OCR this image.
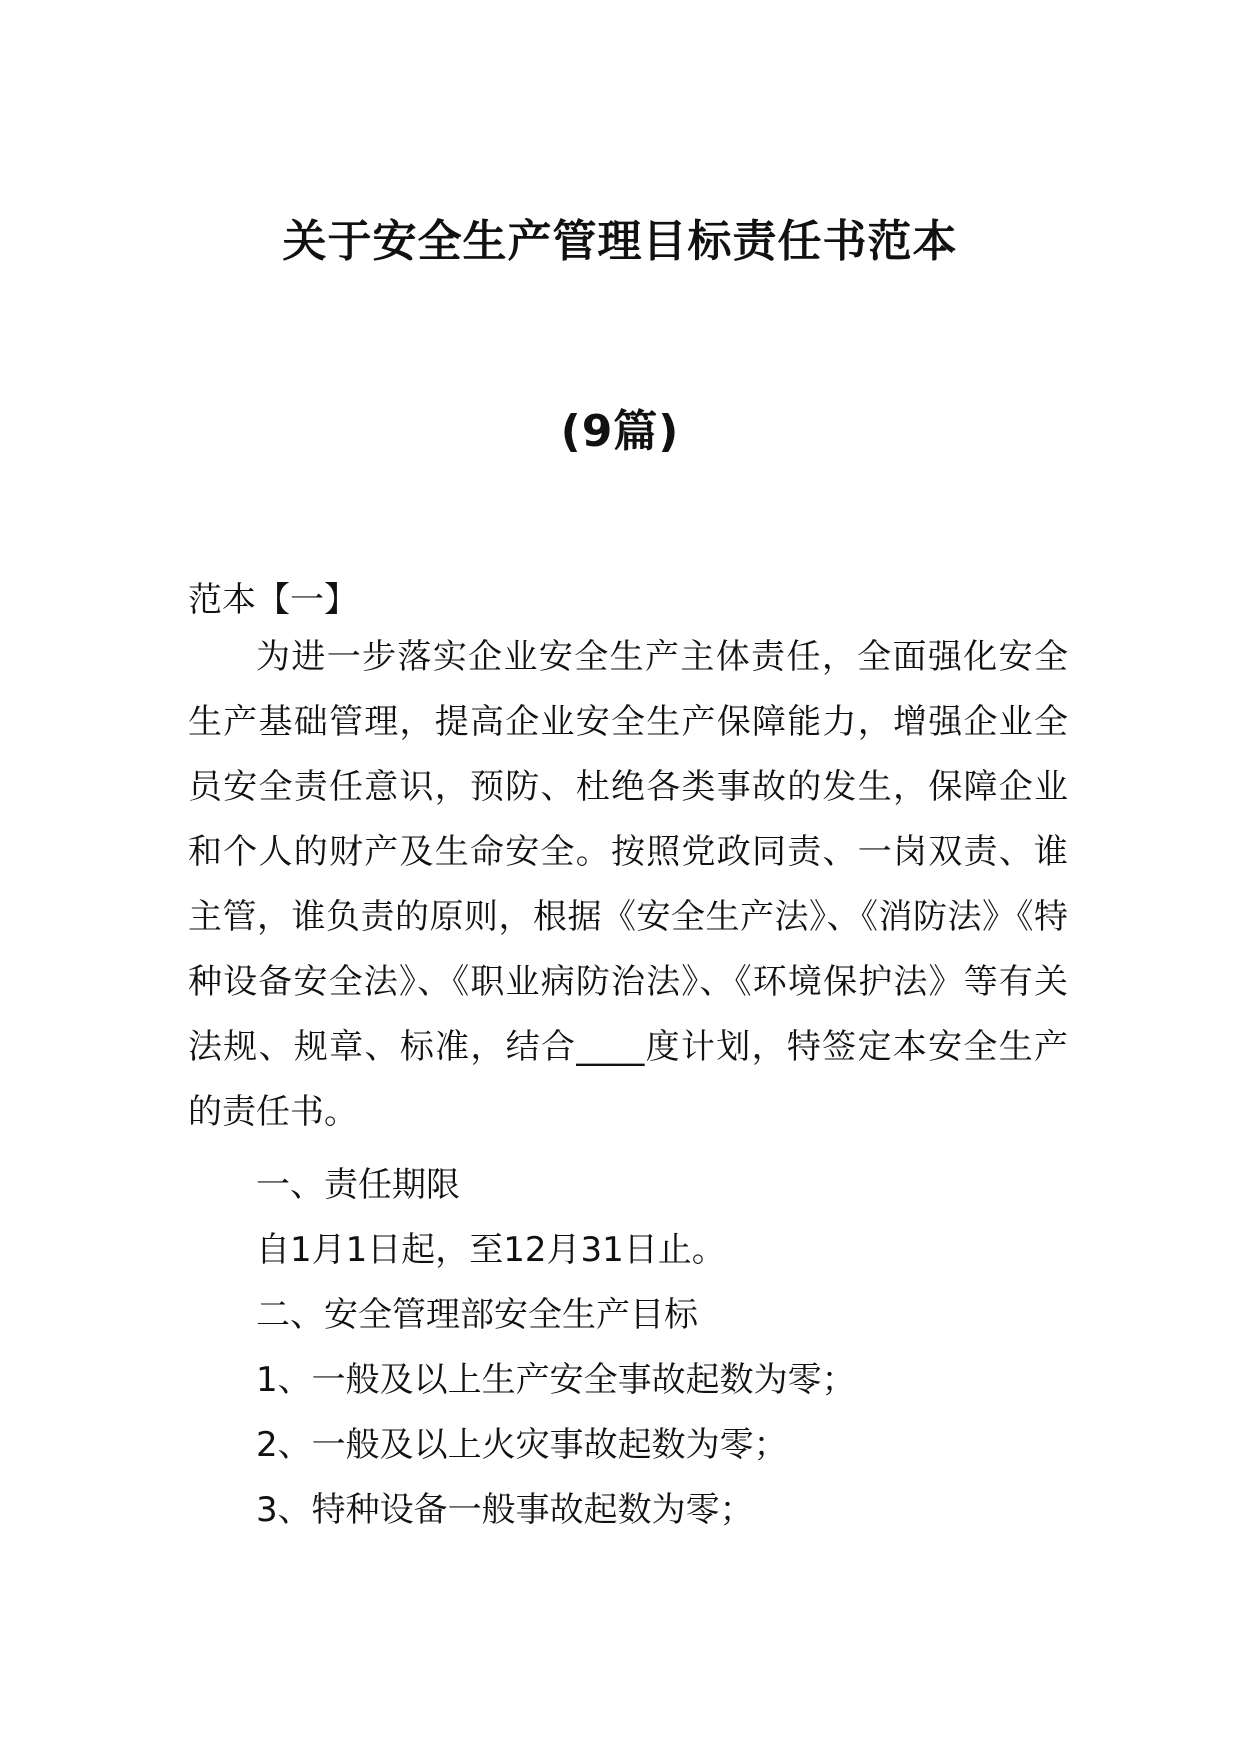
关于安全生产管理目标责任书范本
(9篇)
范本【一】

为进一步落实企业安全生产主体责任，全面强化安全生产基础管理，提高企业安全生产保障能力，增强企业全员安全责任意识，预防、杜绝各类事故的发生，保障企业和个人的财产及生命安全。按照党政同责、一岗双责、谁主管，谁负责的原则，根据《安全生产法》、《消防法》《特种设备安全法》、《职业病防治法》、《环境保护法》等有关法规、规章、标准，结合____度计划，特签定本安全生产的责任书。

一、责任期限
自1月1日起，至12月31日止。
二、安全管理部安全生产目标
1、一般及以上生产安全事故起数为零；
2、一般及以上火灾事故起数为零；
3、特种设备一般事故起数为零；
